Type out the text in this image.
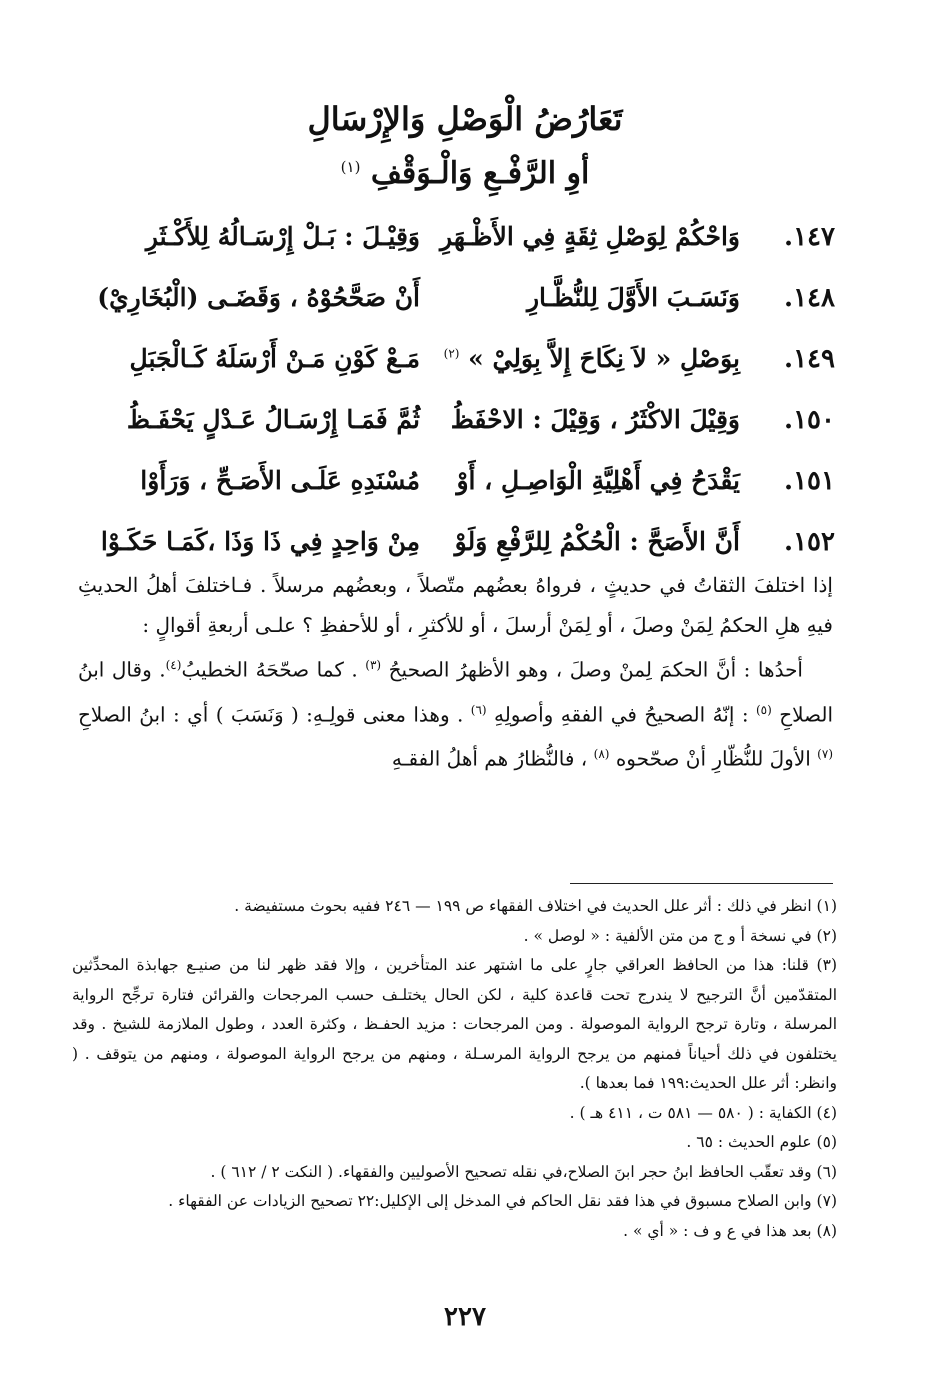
تَعَارُضُ الْوَصْلِ وَالإِرْسَالِ
أوِ الرَّفْـعِ وَالْـوَقْفِ $^{(١)}$
١٤٧.
وَاحْكُمْ لِوَصْلِ ثِقَةٍ فِي الأَظْـهَرِ
وَقِيْـلَ : بَـلْ إِرْسَـالُهُ لِلأَكْـثَرِ
١٤٨.
وَنَسَـبَ الأَوَّلَ لِلنُّظَّـارِ
أَنْ صَحَّحُوْهُ ، وَقَضَـى (الْبُخَارِيْ)
١٤٩.
بِوَصْلِ « لاَ نِكَاحَ إِلاَّ بِوَلِيْ » $^{(٢)}$
مَـعْ كَوْنِ مَـنْ أَرْسَلَهُ كَـالْجَبَلِ
١٥٠.
وَقِيْلَ الاكْثَرُ ، وَقِيْلَ : الاحْفَظُ
ثُمَّ فَمَـا إِرْسَـالُ عَـدْلٍ يَحْفَـظُ
١٥١.
يَقْدَحُ فِي أَهْلِيَّةِ الْوَاصِـلِ ، أَوْ
مُسْنَدِهِ عَلَـى الأَصَـحِّ ، وَرَأَوْا
١٥٢.
أَنَّ الأَصَحَّ : الْحُكْمُ لِلرَّفْعِ وَلَوْ
مِنْ وَاحِدٍ فِي ذَا وَذَا ،كَمَـا حَكَـوْا

إذا اختلفَ الثقاتُ في حديثٍ ، فرواهُ بعضُهم متّصلاً ، وبعضُهم مرسلاً . فـاختلفَ أهلُ الحديثِ فيهِ هلِ الحكمُ لِمَنْ وصلَ ، أو لِمَنْ أرسلَ ، أو للأكثرِ ، أو للأحفظِ ؟ علـى أربعةِ أقوالٍ :

أحدُها : أنَّ الحكمَ لِمنْ وصلَ ، وهو الأظهرُ الصحيحُ $^{(٣)}$ . كما صحّحَهُ الخطيبُ$^{(٤)}$. وقال ابنُ الصلاحِ $^{(٥)}$ : إنّهُ الصحيحُ في الفقهِ وأصولِهِ $^{(٦)}$ . وهذا معنى قولِـهِ: ( وَنَسَبَ ) أي : ابنُ الصلاحِ $^{(٧)}$ الأولَ للنُّظّارِ أنْ صحّحوه $^{(٨)}$ ، فالنُّظارُ هم أهلُ الفقـهِ

(١) انظر في ذلك : أثر علل الحديث في اختلاف الفقهاء ص ١٩٩ — ٢٤٦ ففيه بحوث مستفيضة .

(٢) في نسخة أ و ج من متن الألفية : « لوصل » .

(٣) قلنا: هذا من الحافظ العراقي جارٍ على ما اشتهر عند المتأخرين ، وإلا فقد ظهر لنا من صنيـع جهابذة المحدِّثين المتقدّمين أنَّ الترجيح لا يندرج تحت قاعدة كلية ، لكن الحال يختلـف حسب المرجحات والقرائن فتارة ترجِّح الرواية المرسلة ، وتارة ترجح الرواية الموصولة . ومن المرجحات : مزيد الحفـظ ، وكثرة العدد ، وطول الملازمة للشيخ . وقد يختلفون في ذلك أحياناً فمنهم من يرجح الرواية المرسـلة ، ومنهم من يرجح الرواية الموصولة ، ومنهم من يتوقف . ( وانظر: أثر علل الحديث:١٩٩ فما بعدها ).

(٤) الكفاية : ( ٥٨٠ — ٥٨١ ت ، ٤١١ هـ ) .

(٥) علوم الحديث : ٦٥ .

(٦) وقد تعقّب الحافظ ابنُ حجر ابنَ الصلاح،في نقله تصحيح الأصوليين والفقهاء. ( النكت ٢ / ٦١٢ ) .

(٧) وابن الصلاح مسبوق في هذا فقد نقل الحاكم في المدخل إلى الإكليل:٢٢ تصحيح الزيادات عن الفقهاء .

(٨) بعد هذا في ع و ف : « أي » .

٢٢٧
